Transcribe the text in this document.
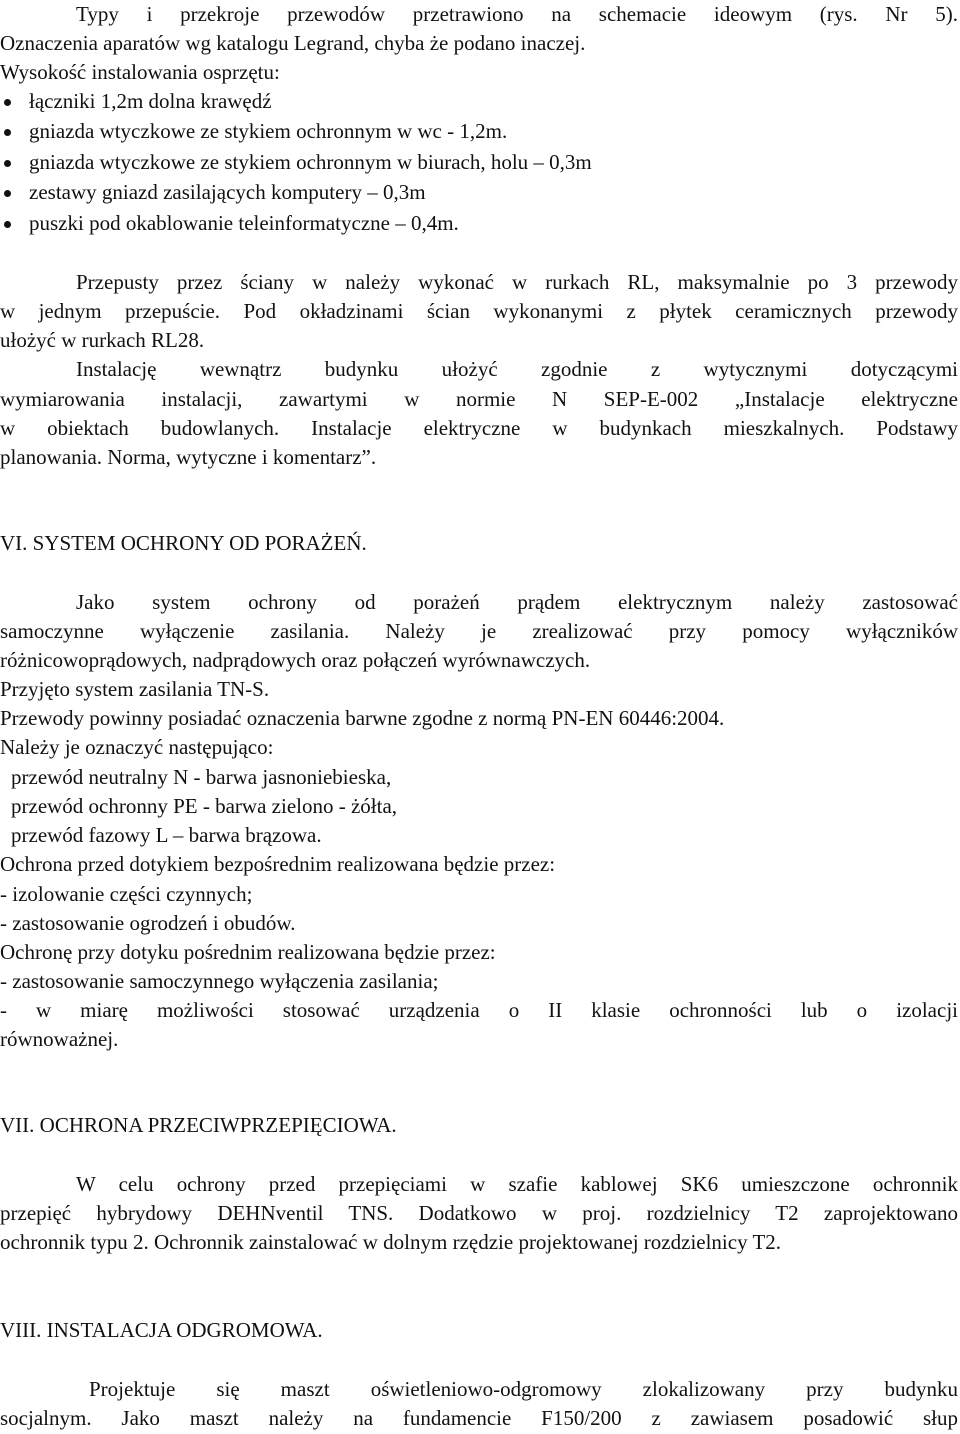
Typy i przekroje przewodów przetrawiono na schemacie ideowym (rys. Nr 5).
Oznaczenia aparatów wg katalogu Legrand, chyba że podano inaczej.
Wysokość instalowania osprzętu:
łączniki 1,2m dolna krawędź
gniazda wtyczkowe ze stykiem ochronnym w wc - 1,2m.
gniazda wtyczkowe ze stykiem ochronnym w biurach, holu – 0,3m
zestawy gniazd zasilających komputery – 0,3m
puszki pod okablowanie teleinformatyczne – 0,4m.
Przepusty przez ściany w należy wykonać w rurkach RL, maksymalnie po 3 przewody
w jednym przepuście. Pod okładzinami ścian wykonanymi z płytek ceramicznych przewody
ułożyć w rurkach RL28.
Instalację wewnątrz budynku ułożyć zgodnie z wytycznymi dotyczącymi
wymiarowania instalacji, zawartymi w normie N SEP-E-002 „Instalacje elektryczne
w obiektach budowlanych. Instalacje elektryczne w budynkach mieszkalnych. Podstawy
planowania. Norma, wytyczne i komentarz”.
VI. SYSTEM OCHRONY OD PORAŻEŃ.
Jako system ochrony od porażeń prądem elektrycznym należy zastosować
samoczynne wyłączenie zasilania. Należy je zrealizować przy pomocy wyłączników
różnicowoprądowych, nadprądowych oraz połączeń wyrównawczych.
Przyjęto system zasilania TN-S.
Przewody powinny posiadać oznaczenia barwne zgodne z normą PN-EN 60446:2004.
Należy je oznaczyć następująco:
przewód neutralny N - barwa jasnoniebieska,
przewód ochronny PE - barwa zielono - żółta,
przewód fazowy L – barwa brązowa.
Ochrona przed dotykiem bezpośrednim realizowana będzie przez:
- izolowanie części czynnych;
- zastosowanie ogrodzeń i obudów.
Ochronę przy dotyku pośrednim realizowana będzie przez:
- zastosowanie samoczynnego wyłączenia zasilania;
- w miarę możliwości stosować urządzenia o II klasie ochronności lub o izolacji
równoważnej.
VII. OCHRONA PRZECIWPRZEPIĘCIOWA.
W celu ochrony przed przepięciami w szafie kablowej SK6 umieszczone ochronnik
przepięć hybrydowy DEHNventil TNS. Dodatkowo w proj. rozdzielnicy T2 zaprojektowano
ochronnik typu 2. Ochronnik zainstalować w dolnym rzędzie projektowanej rozdzielnicy T2.
VIII. INSTALACJA ODGROMOWA.
Projektuje się maszt oświetleniowo-odgromowy zlokalizowany przy budynku
socjalnym. Jako maszt należy na fundamencie F150/200 z zawiasem posadowić słup
